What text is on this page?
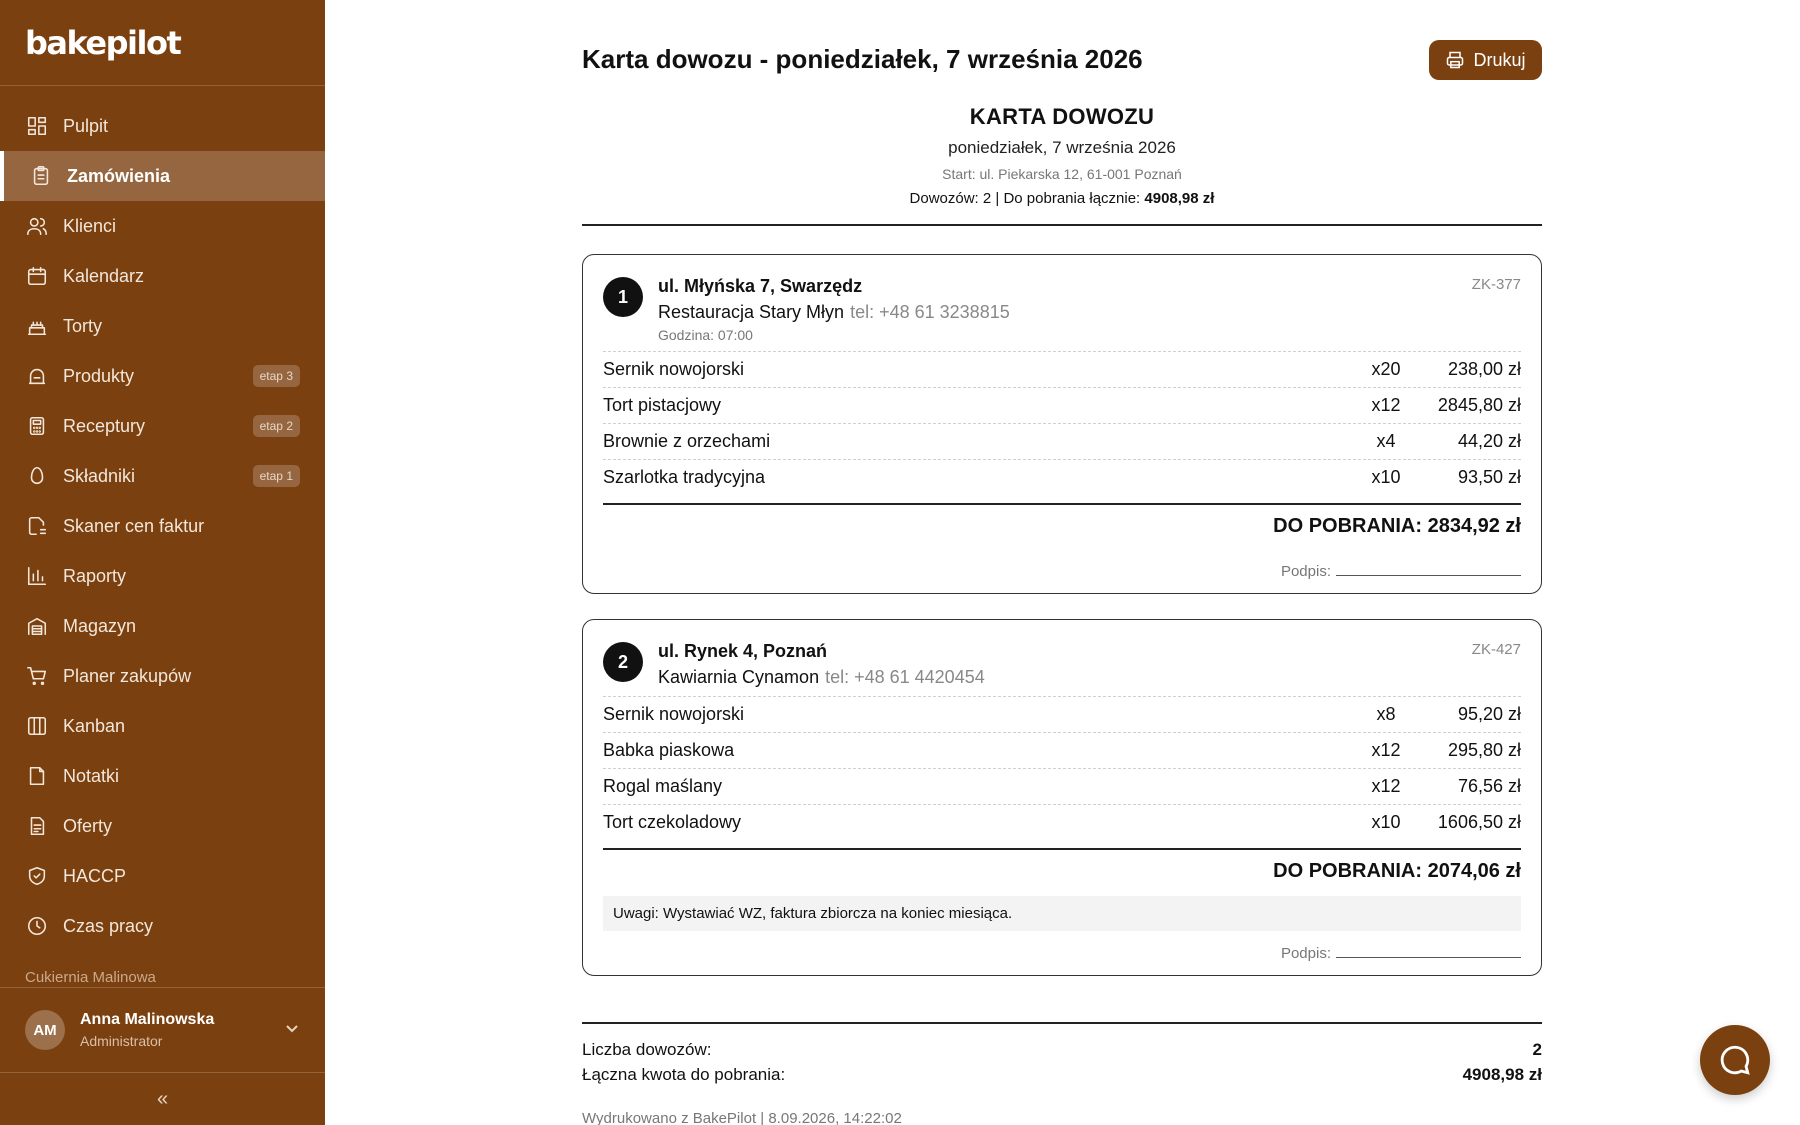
bakepilot
Pulpit
Zamówienia
Klienci
Kalendarz
Torty
Produkty	etap 3
Receptury	etap 2
Składniki	etap 1
Skaner cen faktur
Raporty
Magazyn
Planer zakupów
Kanban
Notatki
Oferty
HACCP
Czas pracy
Cukiernia Malinowa
AM
Anna Malinowska
Administrator
«
Karta dowozu - poniedziałek, 7 września 2026	Drukuj
KARTA DOWOZU
poniedziałek, 7 września 2026
Start: ul. Piekarska 12, 61-001 Poznań
Dowozów: 2 | Do pobrania łącznie: 4908,98 zł
1
ul. Młyńska 7, Swarzędz
Restauracja Stary Młyn tel: +48 61 3238815
Godzina: 07:00
ZK-377
Sernik nowojorski	x20	238,00 zł
Tort pistacjowy	x12	2845,80 zł
Brownie z orzechami	x4	44,20 zł
Szarlotka tradycyjna	x10	93,50 zł
DO POBRANIA: 2834,92 zł
Podpis:
2
ul. Rynek 4, Poznań
Kawiarnia Cynamon tel: +48 61 4420454
ZK-427
Sernik nowojorski	x8	95,20 zł
Babka piaskowa	x12	295,80 zł
Rogal maślany	x12	76,56 zł
Tort czekoladowy	x10	1606,50 zł
DO POBRANIA: 2074,06 zł
Uwagi: Wystawiać WZ, faktura zbiorcza na koniec miesiąca.
Podpis:
Liczba dowozów:	2
Łączna kwota do pobrania:	4908,98 zł
Wydrukowano z BakePilot | 8.09.2026, 14:22:02
